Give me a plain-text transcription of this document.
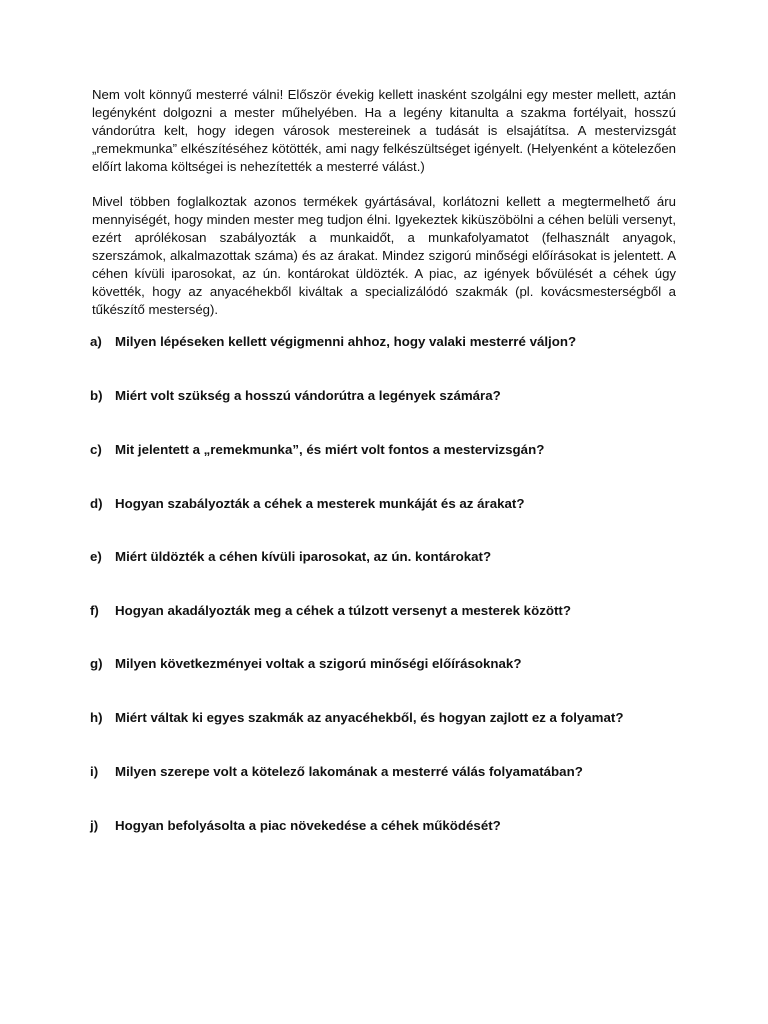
Nem volt könnyű mesterré válni! Először évekig kellett inasként szolgálni egy mester mellett, aztán legényként dolgozni a mester műhelyében. Ha a legény kitanulta a szakma fortélyait, hosszú vándorútra kelt, hogy idegen városok mestereinek a tudását is elsajátítsa. A mestervizsgát „remekmunka” elkészítéséhez kötötték, ami nagy felkészültséget igényelt. (Helyenként a kötelezően előírt lakoma költségei is nehezítették a mesterré válást.)

Mivel többen foglalkoztak azonos termékek gyártásával, korlátozni kellett a megtermelhető áru mennyiségét, hogy minden mester meg tudjon élni. Igyekeztek kiküszöbölni a céhen belüli versenyt, ezért aprólékosan szabályozták a munkaidőt, a munkafolyamatot (felhasznált anyagok, szerszámok, alkalmazottak száma) és az árakat. Mindez szigorú minőségi előírásokat is jelentett. A céhen kívüli iparosokat, az ún. kontárokat üldözték. A piac, az igények bővülését a céhek úgy követték, hogy az anyacéhekből kiváltak a specializálódó szakmák (pl. kovácsmesterségből a tűkészítő mesterség).

a) Milyen lépéseken kellett végigmenni ahhoz, hogy valaki mesterré váljon?
b) Miért volt szükség a hosszú vándorútra a legények számára?
c) Mit jelentett a „remekmunka”, és miért volt fontos a mestervizsgán?
d) Hogyan szabályozták a céhek a mesterek munkáját és az árakat?
e) Miért üldözték a céhen kívüli iparosokat, az ún. kontárokat?
f) Hogyan akadályozták meg a céhek a túlzott versenyt a mesterek között?
g) Milyen következményei voltak a szigorú minőségi előírásoknak?
h) Miért váltak ki egyes szakmák az anyacéhekből, és hogyan zajlott ez a folyamat?
i) Milyen szerepe volt a kötelező lakomának a mesterré válás folyamatában?
j) Hogyan befolyásolta a piac növekedése a céhek működését?
